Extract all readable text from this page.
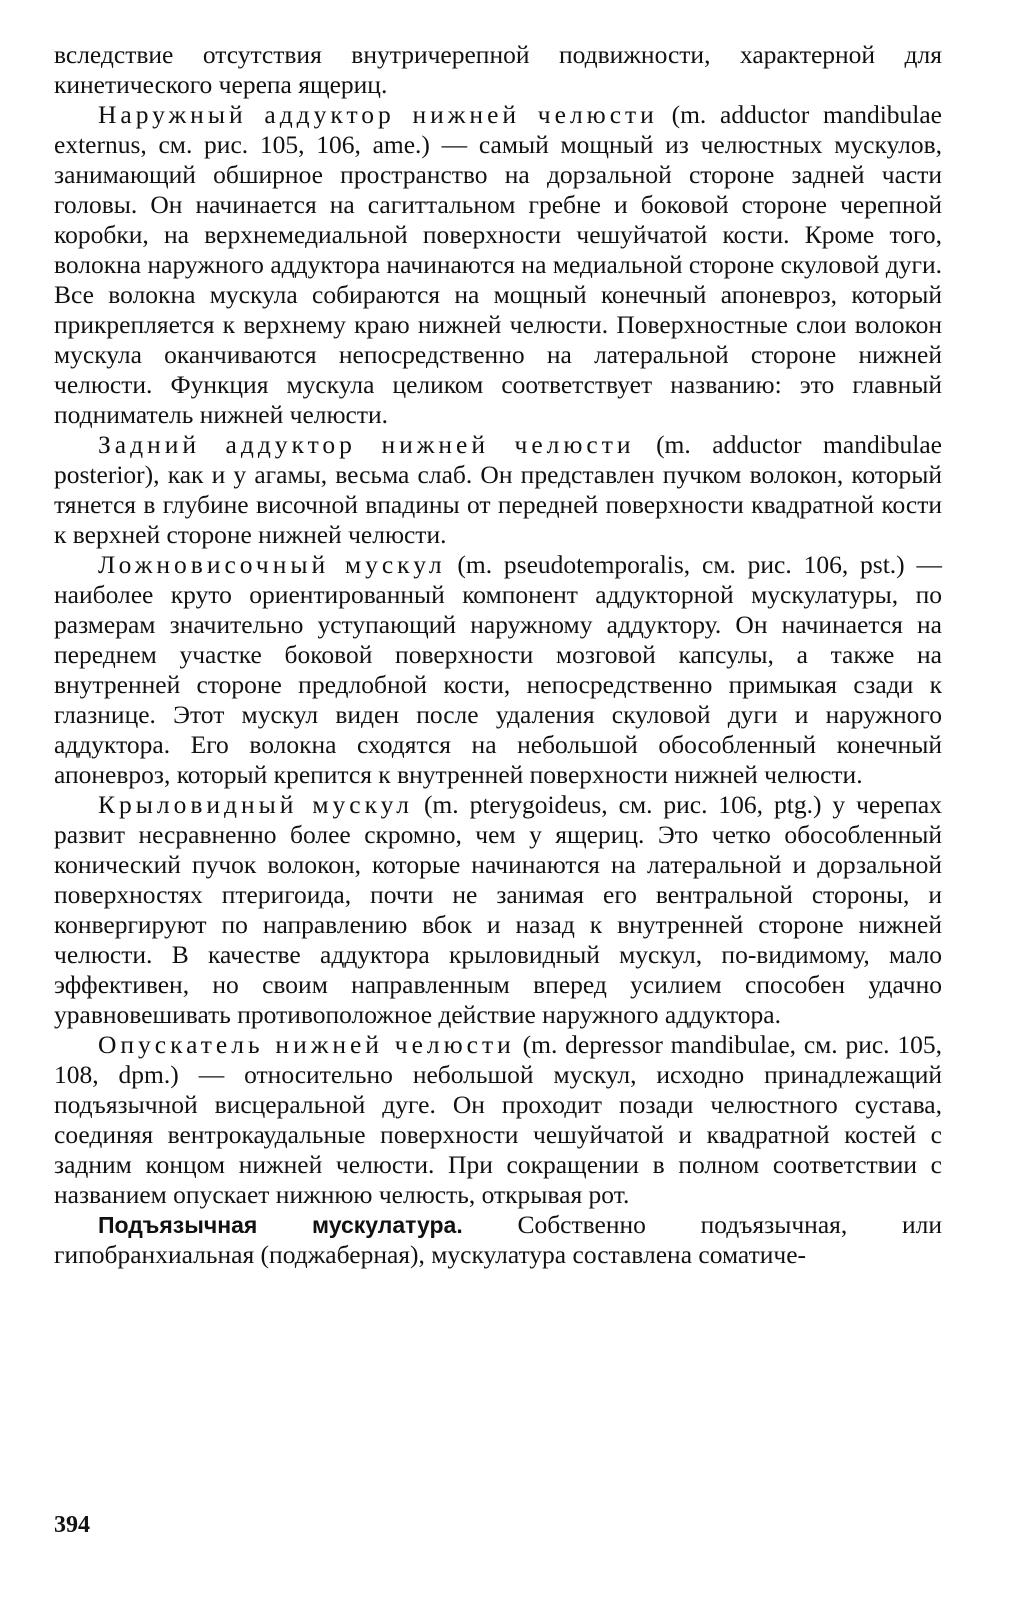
вследствие отсутствия внутричерепной подвижности, характерной для кинетического черепа ящериц.

Наружный аддуктор нижней челюсти (m. adductor mandibulae externus, см. рис. 105, 106, ame.) — самый мощный из челюстных мускулов, занимающий обширное пространство на дорзальной стороне задней части головы. Он начинается на сагиттальном гребне и боковой стороне черепной коробки, на верхнемедиальной поверхности чешуйчатой кости. Кроме того, волокна наружного аддуктора начинаются на медиальной стороне скуловой дуги. Все волокна мускула собираются на мощный конечный апоневроз, который прикрепляется к верхнему краю нижней челюсти. Поверхностные слои волокон мускула оканчиваются непосредственно на латеральной стороне нижней челюсти. Функция мускула целиком соответствует названию: это главный подниматель нижней челюсти.

Задний аддуктор нижней челюсти (m. adductor mandibulae posterior), как и у агамы, весьма слаб. Он представлен пучком волокон, который тянется в глубине височной впадины от передней поверхности квадратной кости к верхней стороне нижней челюсти.

Ложновисочный мускул (m. pseudotemporalis, см. рис. 106, pst.) — наиболее круто ориентированный компонент аддукторной мускулатуры, по размерам значительно уступающий наружному аддуктору. Он начинается на переднем участке боковой поверхности мозговой капсулы, а также на внутренней стороне предлобной кости, непосредственно примыкая сзади к глазнице. Этот мускул виден после удаления скуловой дуги и наружного аддуктора. Его волокна сходятся на небольшой обособленный конечный апоневроз, который крепится к внутренней поверхности нижней челюсти.

Крыловидный мускул (m. pterygoideus, см. рис. 106, ptg.) у черепах развит несравненно более скромно, чем у ящериц. Это четко обособленный конический пучок волокон, которые начинаются на латеральной и дорзальной поверхностях птеригоида, почти не занимая его вентральной стороны, и конвергируют по направлению вбок и назад к внутренней стороне нижней челюсти. В качестве аддуктора крыловидный мускул, по-видимому, мало эффективен, но своим направленным вперед усилием способен удачно уравновешивать противоположное действие наружного аддуктора.

Опускатель нижней челюсти (m. depressor mandibulae, см. рис. 105, 108, dpm.) — относительно небольшой мускул, исходно принадлежащий подъязычной висцеральной дуге. Он проходит позади челюстного сустава, соединяя вентрокаудальные поверхности чешуйчатой и квадратной костей с задним концом нижней челюсти. При сокращении в полном соответствии с названием опускает нижнюю челюсть, открывая рот.

Подъязычная мускулатура. Собственно подъязычная, или гипобранхиальная (поджаберная), мускулатура составлена соматиче-

394
